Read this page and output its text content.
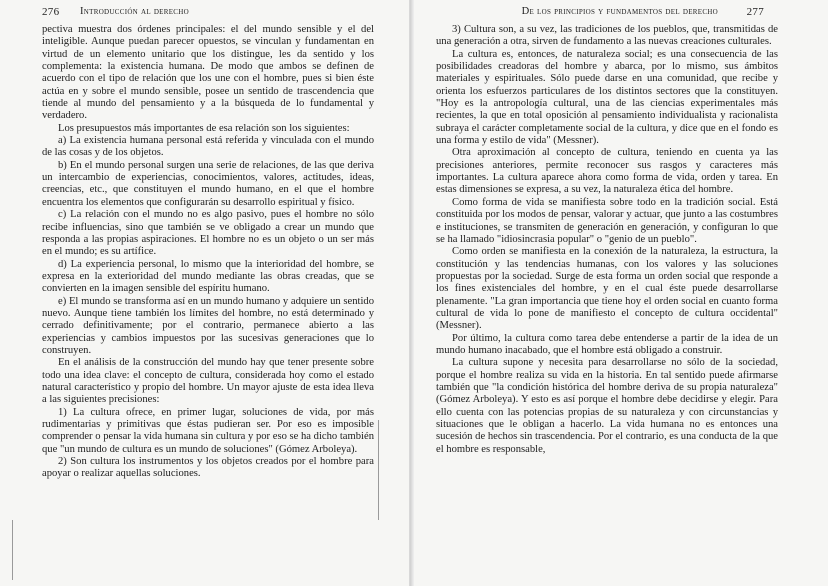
276 Introducción al derecho

pectiva muestra dos órdenes principales: el del mundo sensible y el del inteligible. Aunque puedan parecer opuestos, se vinculan y fundamentan en virtud de un elemento unitario que los distingue, les da sentido y los complementa: la existencia humana. De modo que ambos se definen de acuerdo con el tipo de relación que los une con el hombre, pues si bien éste actúa en y sobre el mundo sensible, posee un sentido de trascendencia que tiende al mundo del pensamiento y a la búsqueda de lo fundamental y verdadero.

Los presupuestos más importantes de esa relación son los siguientes:

a) La existencia humana personal está referida y vinculada con el mundo de las cosas y de los objetos.

b) En el mundo personal surgen una serie de relaciones, de las que deriva un intercambio de experiencias, conocimientos, valores, actitudes, ideas, creencias, etc., que constituyen el mundo humano, en el que el hombre encuentra los elementos que configurarán su desarrollo espiritual y físico.

c) La relación con el mundo no es algo pasivo, pues el hombre no sólo recibe influencias, sino que también se ve obligado a crear un mundo que responda a las propias aspiraciones. El hombre no es un objeto o un ser más en el mundo; es su artífice.

d) La experiencia personal, lo mismo que la interioridad del hombre, se expresa en la exterioridad del mundo mediante las obras creadas, que se convierten en la imagen sensible del espíritu humano.

e) El mundo se transforma así en un mundo humano y adquiere un sentido nuevo. Aunque tiene también los límites del hombre, no está determinado y cerrado definitivamente; por el contrario, permanece abierto a las experiencias y cambios impuestos por las sucesivas generaciones que lo construyen.

En el análisis de la construcción del mundo hay que tener presente sobre todo una idea clave: el concepto de cultura, considerada hoy como el estado natural característico y propio del hombre. Un mayor ajuste de esta idea lleva a las siguientes precisiones:

1) La cultura ofrece, en primer lugar, soluciones de vida, por más rudimentarias y primitivas que éstas pudieran ser. Por eso es imposible comprender o pensar la vida humana sin cultura y por eso se ha dicho también que "un mundo de cultura es un mundo de soluciones" (Gómez Arboleya).

2) Son cultura los instrumentos y los objetos creados por el hombre para apoyar o realizar aquellas soluciones.

De los principios y fundamentos del derecho	277

3) Cultura son, a su vez, las tradiciones de los pueblos, que, transmitidas de una generación a otra, sirven de fundamento a las nuevas creaciones culturales.

La cultura es, entonces, de naturaleza social; es una consecuencia de las posibilidades creadoras del hombre y abarca, por lo mismo, sus ámbitos materiales y espirituales. Sólo puede darse en una comunidad, que recibe y orienta los esfuerzos particulares de los distintos sectores que la constituyen. "Hoy es la antropología cultural, una de las ciencias experimentales más recientes, la que en total oposición al pensamiento individualista y racionalista subraya el carácter completamente social de la cultura, y dice que en el fondo es una forma y estilo de vida" (Messner).

Otra aproximación al concepto de cultura, teniendo en cuenta ya las precisiones anteriores, permite reconocer sus rasgos y caracteres más importantes. La cultura aparece ahora como forma de vida, orden y tarea. En estas dimensiones se expresa, a su vez, la naturaleza ética del hombre.

Como forma de vida se manifiesta sobre todo en la tradición social. Está constituida por los modos de pensar, valorar y actuar, que junto a las costumbres e instituciones, se transmiten de generación en generación, y configuran lo que se ha llamado "idiosincrasia popular" o "genio de un pueblo".

Como orden se manifiesta en la conexión de la naturaleza, la estructura, la constitución y las tendencias humanas, con los valores y las soluciones propuestas por la sociedad. Surge de esta forma un orden social que responde a los fines existenciales del hombre, y en el cual éste puede desarrollarse plenamente. "La gran importancia que tiene hoy el orden social en cuanto forma cultural de vida lo pone de manifiesto el concepto de cultura occidental" (Messner).

Por último, la cultura como tarea debe entenderse a partir de la idea de un mundo humano inacabado, que el hombre está obligado a construir.

La cultura supone y necesita para desarrollarse no sólo de la sociedad, porque el hombre realiza su vida en la historia. En tal sentido puede afirmarse también que "la condición histórica del hombre deriva de su propia naturaleza" (Gómez Arboleya). Y esto es así porque el hombre debe decidirse y elegir. Para ello cuenta con las potencias propias de su naturaleza y con circunstancias y situaciones que le obligan a hacerlo. La vida humana no es entonces una sucesión de hechos sin trascendencia. Por el contrario, es una conducta de la que el hombre es responsable,
